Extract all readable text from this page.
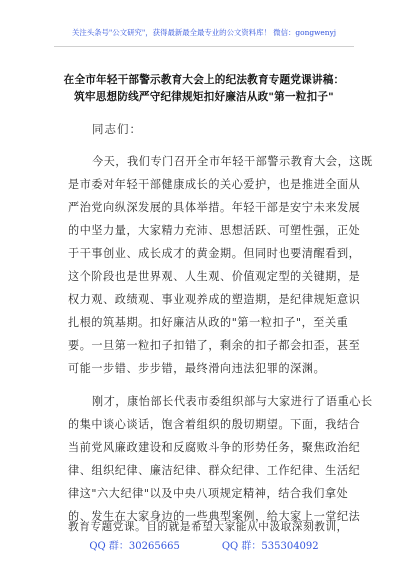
关注头条号"公文研究"，获得最新最全最专业的公文资料库！ 微信：gongwenyj
在全市年轻干部警示教育大会上的纪法教育专题党课讲稿：
筑牢思想防线严守纪律规矩扣好廉洁从政"第一粒扣子"
同志们：
今天，我们专门召开全市年轻干部警示教育大会，这既
是市委对年轻干部健康成长的关心爱护，也是推进全面从
严治党向纵深发展的具体举措。年轻干部是安宁未来发展
的中坚力量，大家精力充沛、思想活跃、可塑性强，正处
于干事创业、成长成才的黄金期。但同时也要清醒看到，
这个阶段也是世界观、人生观、价值观定型的关键期，是
权力观、政绩观、事业观养成的塑造期，是纪律规矩意识
扎根的筑基期。扣好廉洁从政的"第一粒扣子"，至关重
要。一旦第一粒扣子扣错了，剩余的扣子都会扣歪，甚至
可能一步错、步步错，最终滑向违法犯罪的深渊。
刚才，康怡部长代表市委组织部与大家进行了语重心长
的集中谈心谈话，饱含着组织的殷切期望。下面，我结合
当前党风廉政建设和反腐败斗争的形势任务，聚焦政治纪
律、组织纪律、廉洁纪律、群众纪律、工作纪律、生活纪
律这"六大纪律"以及中央八项规定精神，结合我们拿处
的、发生在大家身边的一些典型案例，给大家上一堂纪法
QQ 群：30265665	QQ 群：535304092
教育专题党课。目的就是希望大家能从中汲取深刻教训，
